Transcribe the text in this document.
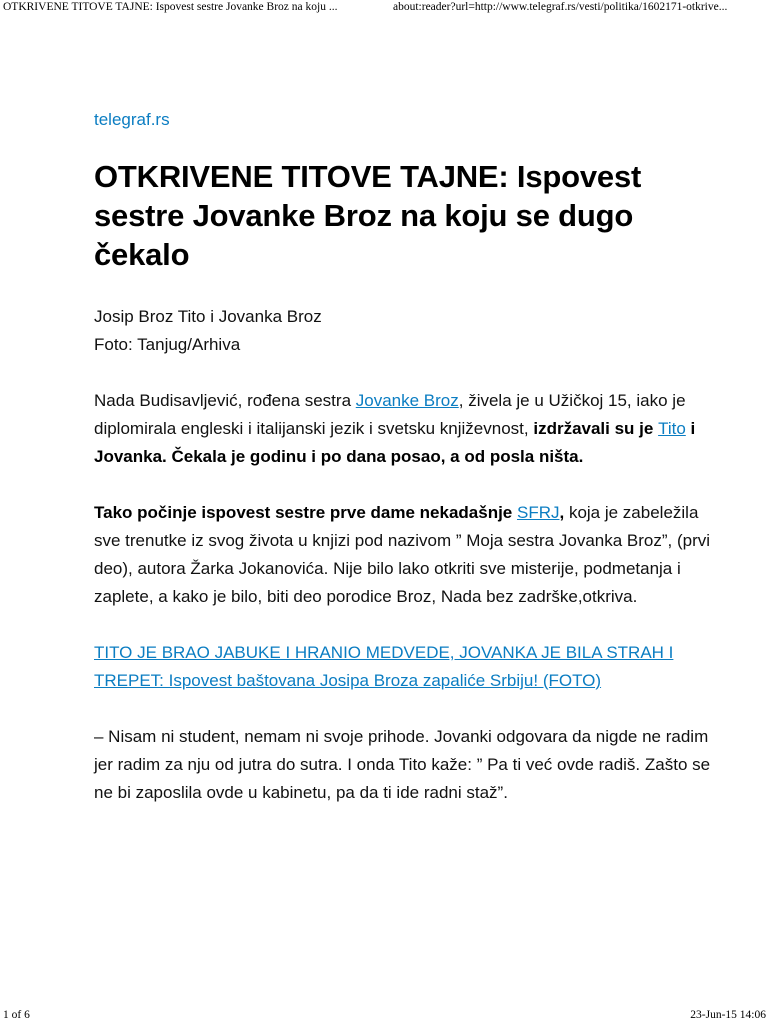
OTKRIVENE TITOVE TAJNE: Ispovest sestre Jovanke Broz na koju ...	about:reader?url=http://www.telegraf.rs/vesti/politika/1602171-otkrive...
telegraf.rs
OTKRIVENE TITOVE TAJNE: Ispovest sestre Jovanke Broz na koju se dugo čekalo
Josip Broz Tito i Jovanka Broz
Foto: Tanjug/Arhiva

Nada Budisavljević, rođena sestra Jovanke Broz, živela je u Užičkoj 15, iako je diplomirala engleski i italijanski jezik i svetsku književnost, izdržavali su je Tito i Jovanka. Čekala je godinu i po dana posao, a od posla ništa.

Tako počinje ispovest sestre prve dame nekadašnje SFRJ, koja je zabeležila sve trenutke iz svog života u knjizi pod nazivom ” Moja sestra Jovanka Broz”, (prvi deo), autora Žarka Jokanovića. Nije bilo lako otkriti sve misterije, podmetanja i zaplete, a kako je bilo, biti deo porodice Broz, Nada bez zadrške,otkriva.

TITO JE BRAO JABUKE I HRANIO MEDVEDE, JOVANKA JE BILA STRAH I TREPET: Ispovest baštovana Josipa Broza zapaliće Srbiju! (FOTO)

– Nisam ni student, nemam ni svoje prihode. Jovanki odgovara da nigde ne radim jer radim za nju od jutra do sutra. I onda Tito kaže: ” Pa ti već ovde radiš. Zašto se ne bi zaposlila ovde u kabinetu, pa da ti ide radni staž”.

1 of 6	23-Jun-15 14:06
